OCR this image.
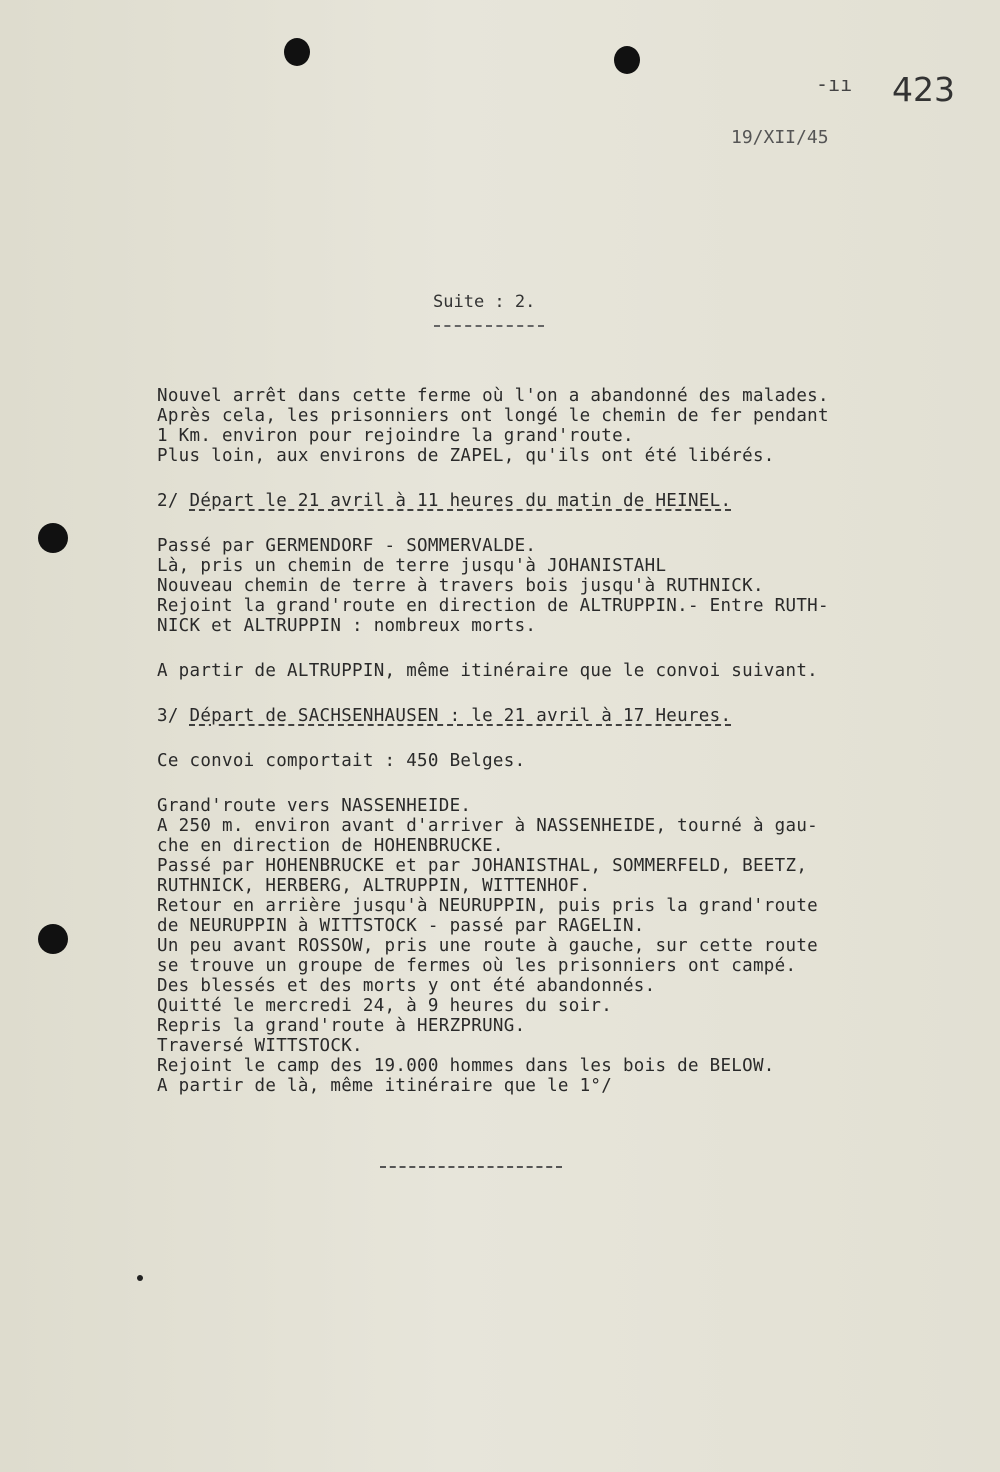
-ıı 423
19/XII/45
Suite : 2.

Nouvel arrêt dans cette ferme où l'on a abandonné des malades.

Après cela, les prisonniers ont longé le chemin de fer pendant

1 Km. environ pour rejoindre la grand'route.

Plus loin, aux environs de ZAPEL, qu'ils ont été libérés.

2/ Départ le 21 avril à 11 heures du matin de HEINEL.

Passé par GERMENDORF - SOMMERVALDE.

Là, pris un chemin de terre jusqu'à JOHANISTAHL

Nouveau chemin de terre à travers bois jusqu'à RUTHNICK.

Rejoint la grand'route en direction de ALTRUPPIN.- Entre RUTH-

NICK et ALTRUPPIN : nombreux morts.

A partir de ALTRUPPIN, même itinéraire que le convoi suivant.

3/ Départ de SACHSENHAUSEN : le 21 avril à 17 Heures.

Ce convoi comportait : 450 Belges.

Grand'route vers NASSENHEIDE.

A 250 m. environ avant d'arriver à NASSENHEIDE, tourné à gau-

che en direction de HOHENBRUCKE.

Passé par HOHENBRUCKE et par JOHANISTHAL, SOMMERFELD, BEETZ,

RUTHNICK, HERBERG, ALTRUPPIN, WITTENHOF.

Retour en arrière jusqu'à NEURUPPIN, puis pris la grand'route

de NEURUPPIN à WITTSTOCK - passé par RAGELIN.

Un peu avant ROSSOW, pris une route à gauche, sur cette route

se trouve un groupe de fermes où les prisonniers ont campé.

Des blessés et des morts y ont été abandonnés.

Quitté le mercredi 24, à 9 heures du soir.

Repris la grand'route à HERZPRUNG.

Traversé WITTSTOCK.

Rejoint le camp des 19.000 hommes dans les bois de BELOW.

A partir de là, même itinéraire que le 1°/
